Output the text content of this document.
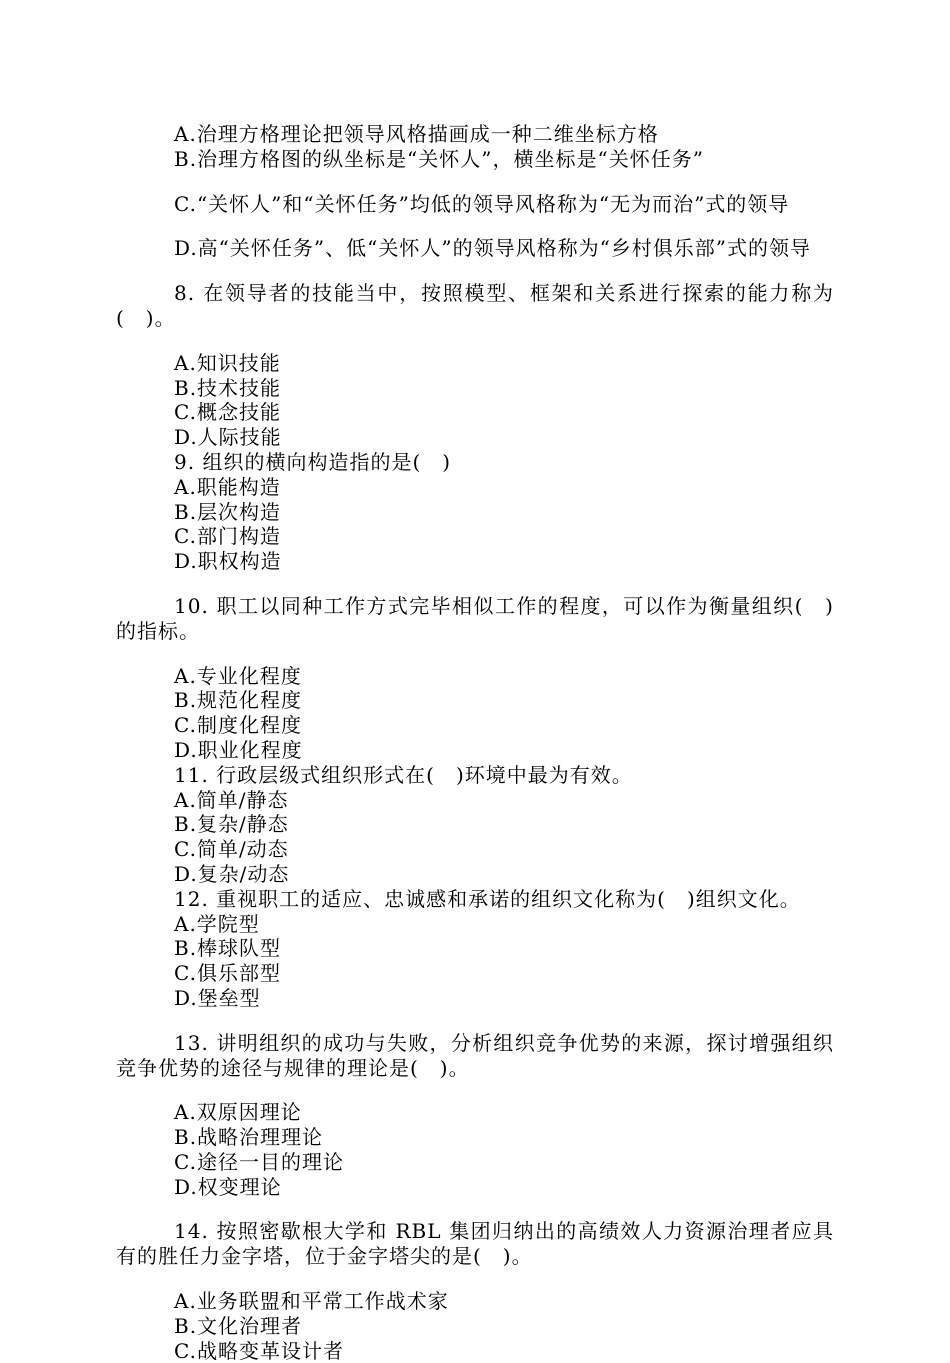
A.治理方格理论把领导风格描画成一种二维坐标方格

B.治理方格图的纵坐标是“关怀人”，横坐标是“关怀任务”

C.“关怀人”和“关怀任务”均低的领导风格称为“无为而治”式的领导

D.高“关怀任务”、低“关怀人”的领导风格称为“乡村俱乐部”式的领导

8. 在领导者的技能当中，按照模型、框架和关系进行探索的能力称为(　)。

A.知识技能

B.技术技能

C.概念技能

D.人际技能

9. 组织的横向构造指的是(　)

A.职能构造

B.层次构造

C.部门构造

D.职权构造

10. 职工以同种工作方式完毕相似工作的程度，可以作为衡量组织(　)的指标。

A.专业化程度

B.规范化程度

C.制度化程度

D.职业化程度

11. 行政层级式组织形式在(　)环境中最为有效。

A.简单/静态

B.复杂/静态

C.简单/动态

D.复杂/动态

12. 重视职工的适应、忠诚感和承诺的组织文化称为(　)组织文化。

A.学院型

B.棒球队型

C.俱乐部型

D.堡垒型

13. 讲明组织的成功与失败，分析组织竞争优势的来源，探讨增强组织竞争优势的途径与规律的理论是(　)。

A.双原因理论

B.战略治理理论

C.途径一目的理论

D.权变理论

14. 按照密歇根大学和 RBL 集团归纳出的高绩效人力资源治理者应具有的胜任力金字塔，位于金字塔尖的是(　)。

A.业务联盟和平常工作战术家

B.文化治理者

C.战略变革设计者
